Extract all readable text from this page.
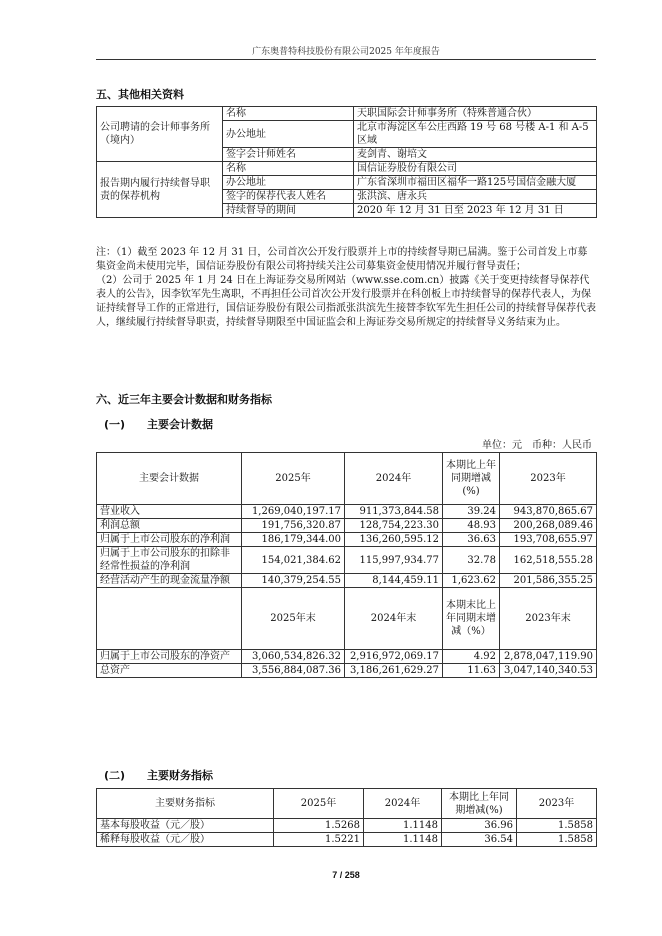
广东奥普特科技股份有限公司2025 年年度报告
五、其他相关资料
公司聘请的会计师事务所（境内）	名称	天职国际会计师事务所（特殊普通合伙）
	办公地址	北京市海淀区车公庄西路 19 号 68 号楼 A-1 和 A-5 区域
	签字会计师姓名	麦剑青、谢培文
报告期内履行持续督导职责的保荐机构	名称	国信证券股份有限公司
	办公地址	广东省深圳市福田区福华一路125号国信金融大厦
	签字的保荐代表人姓名	张洪滨、唐永兵
	持续督导的期间	2020 年 12 月 31 日至 2023 年 12 月 31 日

注：（1）截至 2023 年 12 月 31 日，公司首次公开发行股票并上市的持续督导期已届满。鉴于公司首发上市募集资金尚未使用完毕，国信证券股份有限公司将持续关注公司募集资金使用情况并履行督导责任；

（2）公司于 2025 年 1 月 24 日在上海证券交易所网站（www.sse.com.cn）披露《关于变更持续督导保荐代表人的公告》，因李钦军先生离职，不再担任公司首次公开发行股票并在科创板上市持续督导的保荐代表人，为保证持续督导工作的正常进行，国信证券股份有限公司指派张洪滨先生接替李钦军先生担任公司的持续督导保荐代表人，继续履行持续督导职责，持续督导期限至中国证监会和上海证券交易所规定的持续督导义务结束为止。

六、近三年主要会计数据和财务指标
(一)　　主要会计数据
单位：元　币种：人民币
主要会计数据	2025年	2024年	本期比上年同期增减(%)	2023年
营业收入	1,269,040,197.17	911,373,844.58	39.24	943,870,865.67
利润总额	191,756,320.87	128,754,223.30	48.93	200,268,089.46
归属于上市公司股东的净利润	186,179,344.00	136,260,595.12	36.63	193,708,655.97
归属于上市公司股东的扣除非经常性损益的净利润	154,021,384.62	115,997,934.77	32.78	162,518,555.28
经营活动产生的现金流量净额	140,379,254.55	8,144,459.11	1,623.62	201,586,355.25
	2025年末	2024年末	本期末比上年同期末增减（%）	2023年末
归属于上市公司股东的净资产	3,060,534,826.32	2,916,972,069.17	4.92	2,878,047,119.90
总资产	3,556,884,087.36	3,186,261,629.27	11.63	3,047,140,340.53
(二)　　主要财务指标
主要财务指标	2025年	2024年	本期比上年同期增减(%)	2023年
基本每股收益（元／股）	1.5268	1.1148	36.96	1.5858
稀释每股收益（元／股）	1.5221	1.1148	36.54	1.5858
7 / 258
